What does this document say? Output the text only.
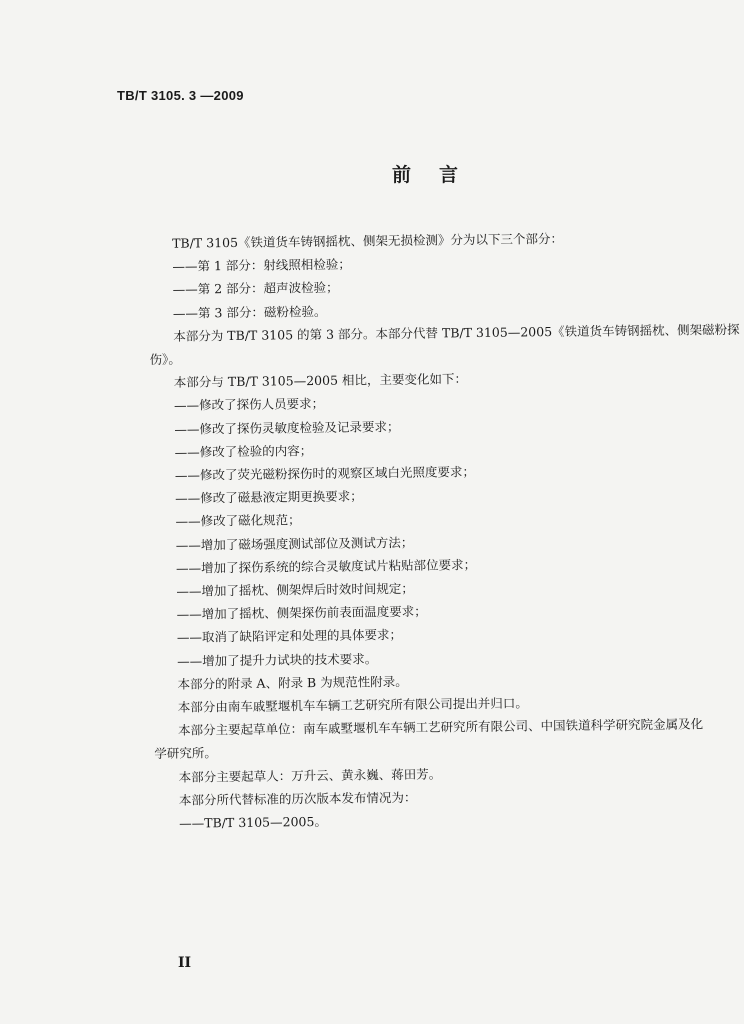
TB/T 3105. 3 —2009
前言

TB/T 3105《铁道货车铸钢摇枕、侧架无损检测》分为以下三个部分：

——第 1 部分：射线照相检验；

——第 2 部分：超声波检验；

——第 3 部分：磁粉检验。

本部分为 TB/T 3105 的第 3 部分。本部分代替 TB/T 3105—2005《铁道货车铸钢摇枕、侧架磁粉探

伤》。

本部分与 TB/T 3105—2005 相比，主要变化如下：

——修改了探伤人员要求；

——修改了探伤灵敏度检验及记录要求；

——修改了检验的内容；

——修改了荧光磁粉探伤时的观察区域白光照度要求；

——修改了磁悬液定期更换要求；

——修改了磁化规范；

——增加了磁场强度测试部位及测试方法；

——增加了探伤系统的综合灵敏度试片粘贴部位要求；

——增加了摇枕、侧架焊后时效时间规定；

——增加了摇枕、侧架探伤前表面温度要求；

——取消了缺陷评定和处理的具体要求；

——增加了提升力试块的技术要求。

本部分的附录 A、附录 B 为规范性附录。

本部分由南车戚墅堰机车车辆工艺研究所有限公司提出并归口。

本部分主要起草单位：南车戚墅堰机车车辆工艺研究所有限公司、中国铁道科学研究院金属及化

学研究所。

本部分主要起草人：万升云、黄永巍、蒋田芳。

本部分所代替标准的历次版本发布情况为：

——TB/T 3105—2005。

II
